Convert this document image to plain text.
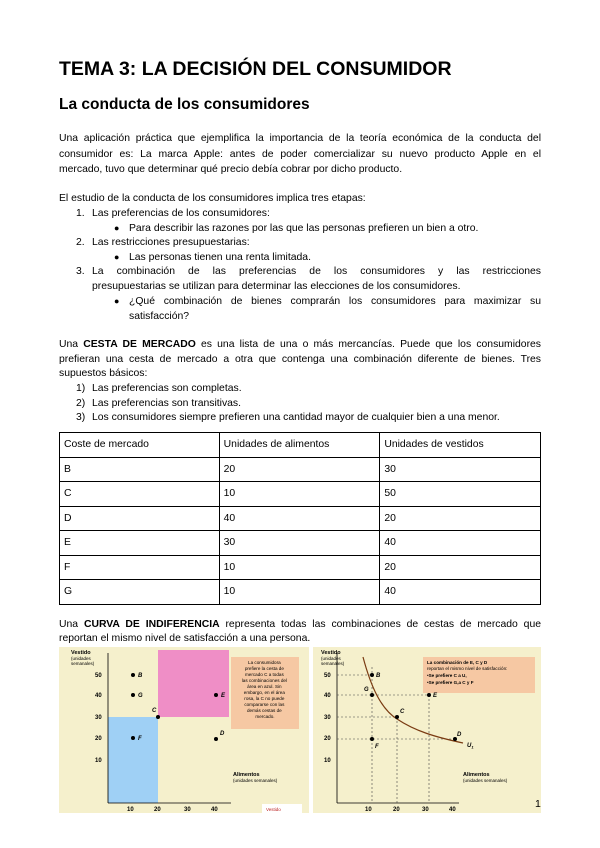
TEMA 3: LA DECISIÓN DEL CONSUMIDOR
La conducta de los consumidores
Una aplicación práctica que ejemplifica la importancia de la teoría económica de la conducta del
consumidor es: La marca Apple: antes de poder comercializar su nuevo producto Apple en el
mercado, tuvo que determinar qué precio debía cobrar por dicho producto.
El estudio de la conducta de los consumidores implica tres etapas:
1. Las preferencias de los consumidores:
● Para describir las razones por las que las personas prefieren un bien a otro.
2. Las restricciones presupuestarias:
● Las personas tienen una renta limitada.
3. La combinación de las preferencias de los consumidores y las restricciones
presupuestarias se utilizan para determinar las elecciones de los consumidores.
● ¿Qué combinación de bienes comprarán los consumidores para maximizar su
satisfacción?
Una CESTA DE MERCADO es una lista de una o más mercancías. Puede que los consumidores
prefieran una cesta de mercado a otra que contenga una combinación diferente de bienes. Tres
supuestos básicos:
1) Las preferencias son completas.
2) Las preferencias son transitivas.
3) Los consumidores siempre prefieren una cantidad mayor de cualquier bien a una menor.
Coste de mercado	Unidades de alimentos	Unidades de vestidos
B	20	30
C	10	50
D	40	20
E	30	40
F	10	20
G	10	40
Una CURVA DE INDIFERENCIA representa todas las combinaciones de cestas de mercado que
reportan el mismo nivel de satisfacción a una persona.
Vestido
(unidades
semanales)
50
40
30
20
10
10	20	30	40
Alimentos
(unidades semanales)
La consumidora prefiere la cesta de mercado C a todas las combinaciones del área en azul. Sin embargo, en el área rosa, la C no puede compararse con las demás cestas de mercado.
B
G
C
E
F
D
Vestido
Vestido
(unidades
semanales)
50
40
30
20
10
10	20	30	40
Alimentos
(unidades semanales)
$U_1$
La combinación de E, C y D reportan el mismo nivel de satisfacción: •Se prefiere C a U, •Se prefiere G,a C y F
B
G
E
C
D
F
1
